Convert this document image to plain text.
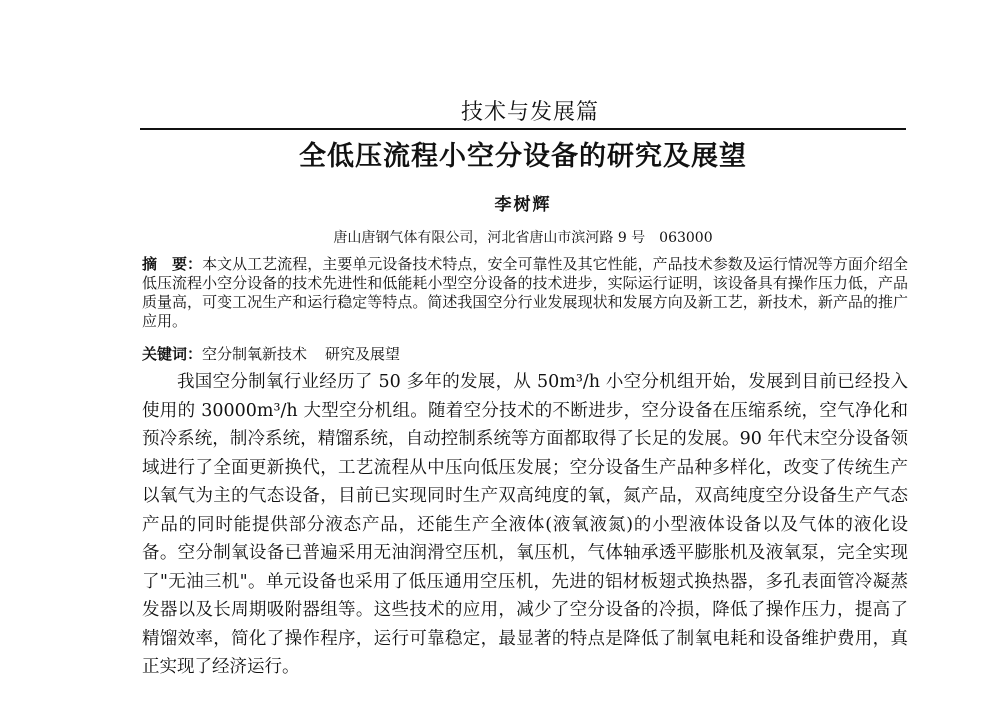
技术与发展篇
全低压流程小空分设备的研究及展望
李树辉
唐山唐钢气体有限公司，河北省唐山市滨河路 9 号　063000
摘　要：本文从工艺流程，主要单元设备技术特点，安全可靠性及其它性能，产品技术参数及运行情况等方面介绍全低压流程小空分设备的技术先进性和低能耗小型空分设备的技术进步，实际运行证明，该设备具有操作压力低，产品质量高，可变工况生产和运行稳定等特点。简述我国空分行业发展现状和发展方向及新工艺，新技术，新产品的推广应用。
关键词：空分制氧新技术 研究及展望
我国空分制氧行业经历了 50 多年的发展，从 50m³/h 小空分机组开始，发展到目前已经投入使用的 30000m³/h 大型空分机组。随着空分技术的不断进步，空分设备在压缩系统，空气净化和预冷系统，制冷系统，精馏系统，自动控制系统等方面都取得了长足的发展。90 年代末空分设备领域进行了全面更新换代，工艺流程从中压向低压发展；空分设备生产品种多样化，改变了传统生产以氧气为主的气态设备，目前已实现同时生产双高纯度的氧，氮产品，双高纯度空分设备生产气态产品的同时能提供部分液态产品，还能生产全液体(液氧液氮)的小型液体设备以及气体的液化设备。空分制氧设备已普遍采用无油润滑空压机，氧压机，气体轴承透平膨胀机及液氧泵，完全实现了"无油三机"。单元设备也采用了低压通用空压机，先进的铝材板翅式换热器，多孔表面管冷凝蒸发器以及长周期吸附器组等。这些技术的应用，减少了空分设备的冷损，降低了操作压力，提高了精馏效率，简化了操作程序，运行可靠稳定，最显著的特点是降低了制氧电耗和设备维护费用，真正实现了经济运行。
